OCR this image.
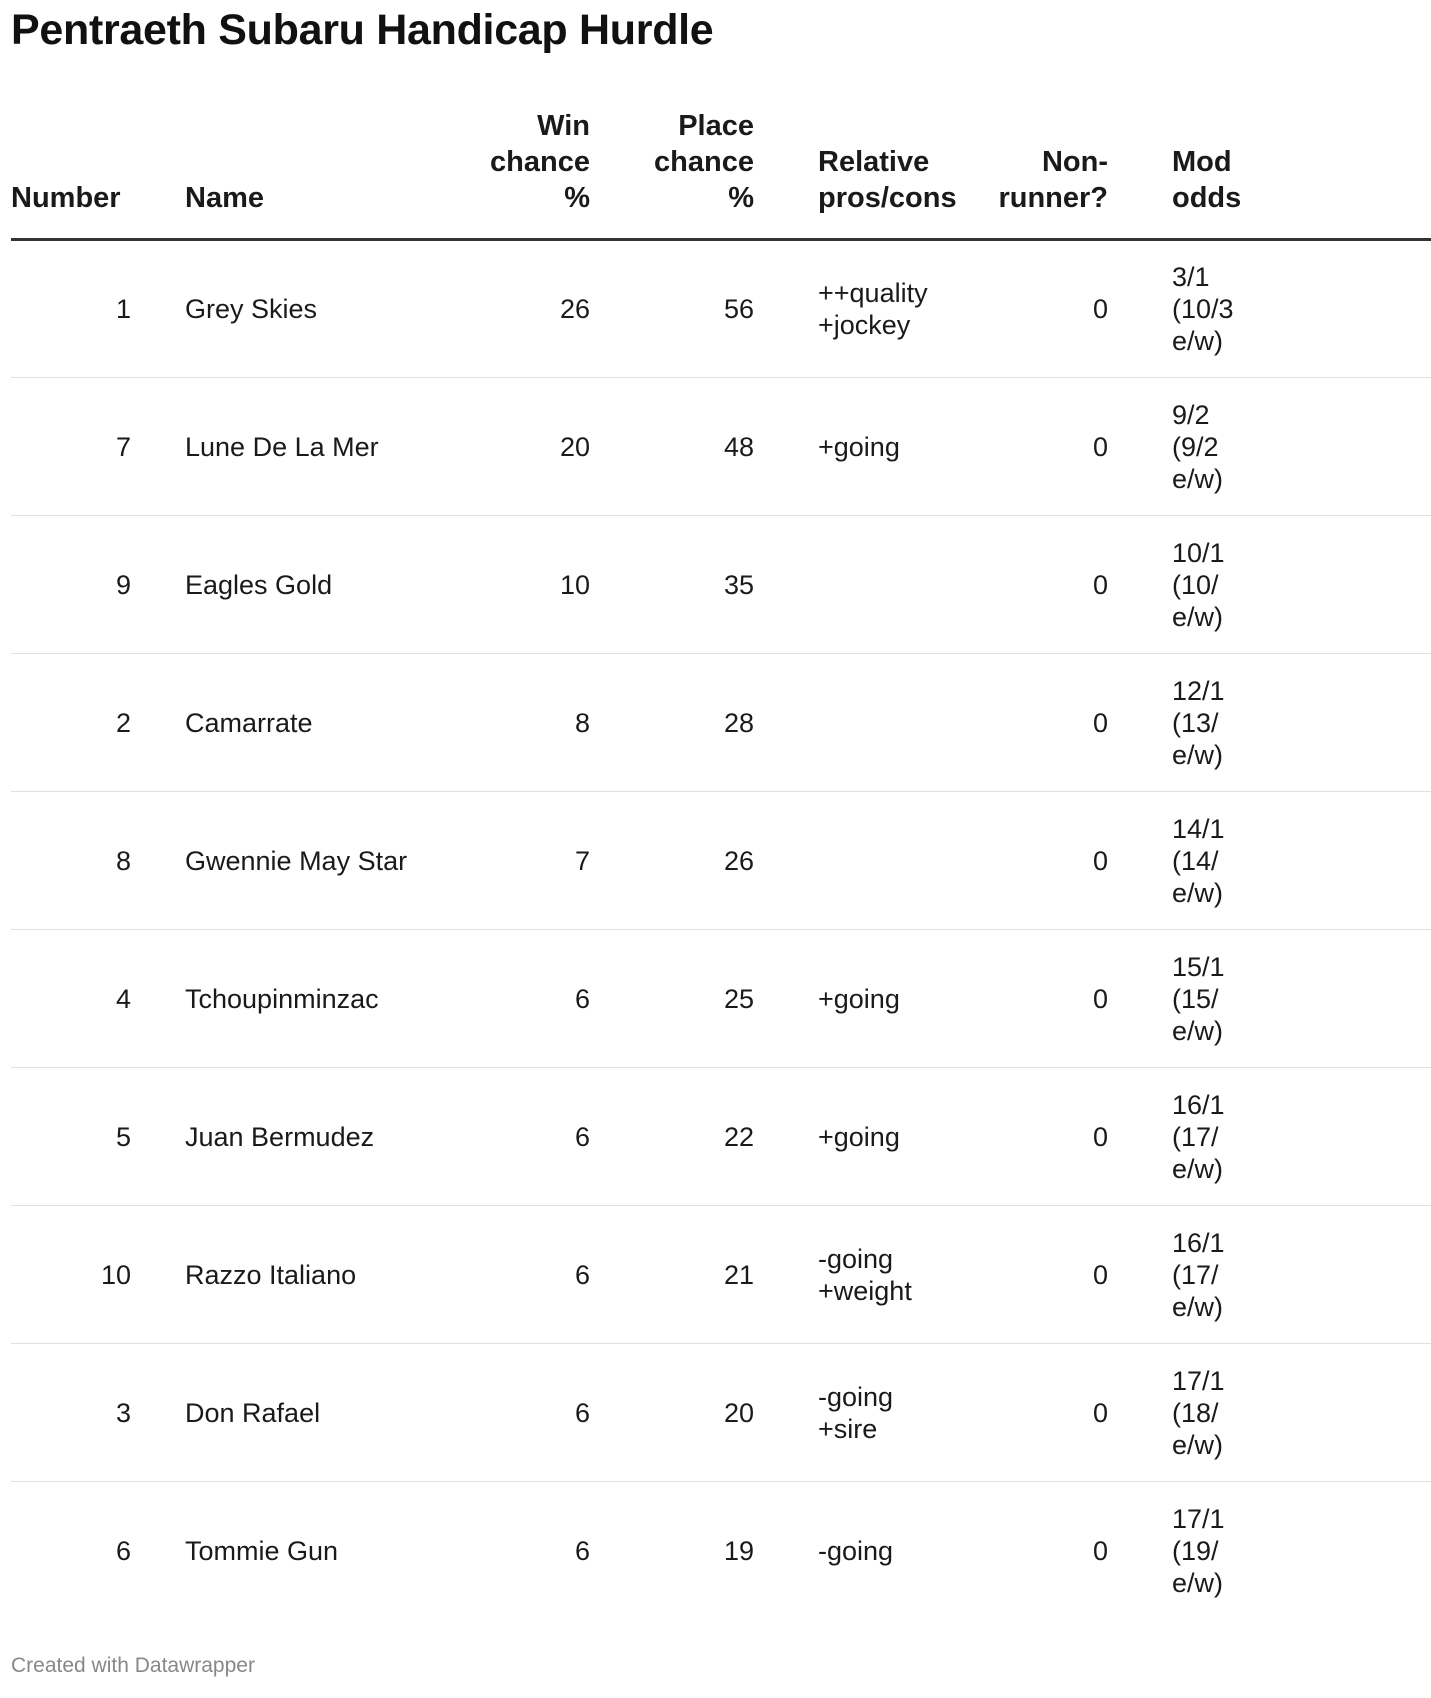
Pentraeth Subaru Handicap Hurdle
Number	Name	Win
chance
%	Place
chance
%	Relative
pros/cons	Non-
runner?	Mod
odds

1	Grey Skies	26	56	++quality
+jockey	0	3/1
(10/3
e/w)
7	Lune De La Mer	20	48	+going	0	9/2
(9/2
e/w)
9	Eagles Gold	10	35		0	10/1
(10/
e/w)
2	Camarrate	8	28		0	12/1
(13/
e/w)
8	Gwennie May Star	7	26		0	14/1
(14/
e/w)
4	Tchoupinminzac	6	25	+going	0	15/1
(15/
e/w)
5	Juan Bermudez	6	22	+going	0	16/1
(17/
e/w)
10	Razzo Italiano	6	21	-going
+weight	0	16/1
(17/
e/w)
3	Don Rafael	6	20	-going
+sire	0	17/1
(18/
e/w)
6	Tommie Gun	6	19	-going	0	17/1
(19/
e/w)
Created with Datawrapper
